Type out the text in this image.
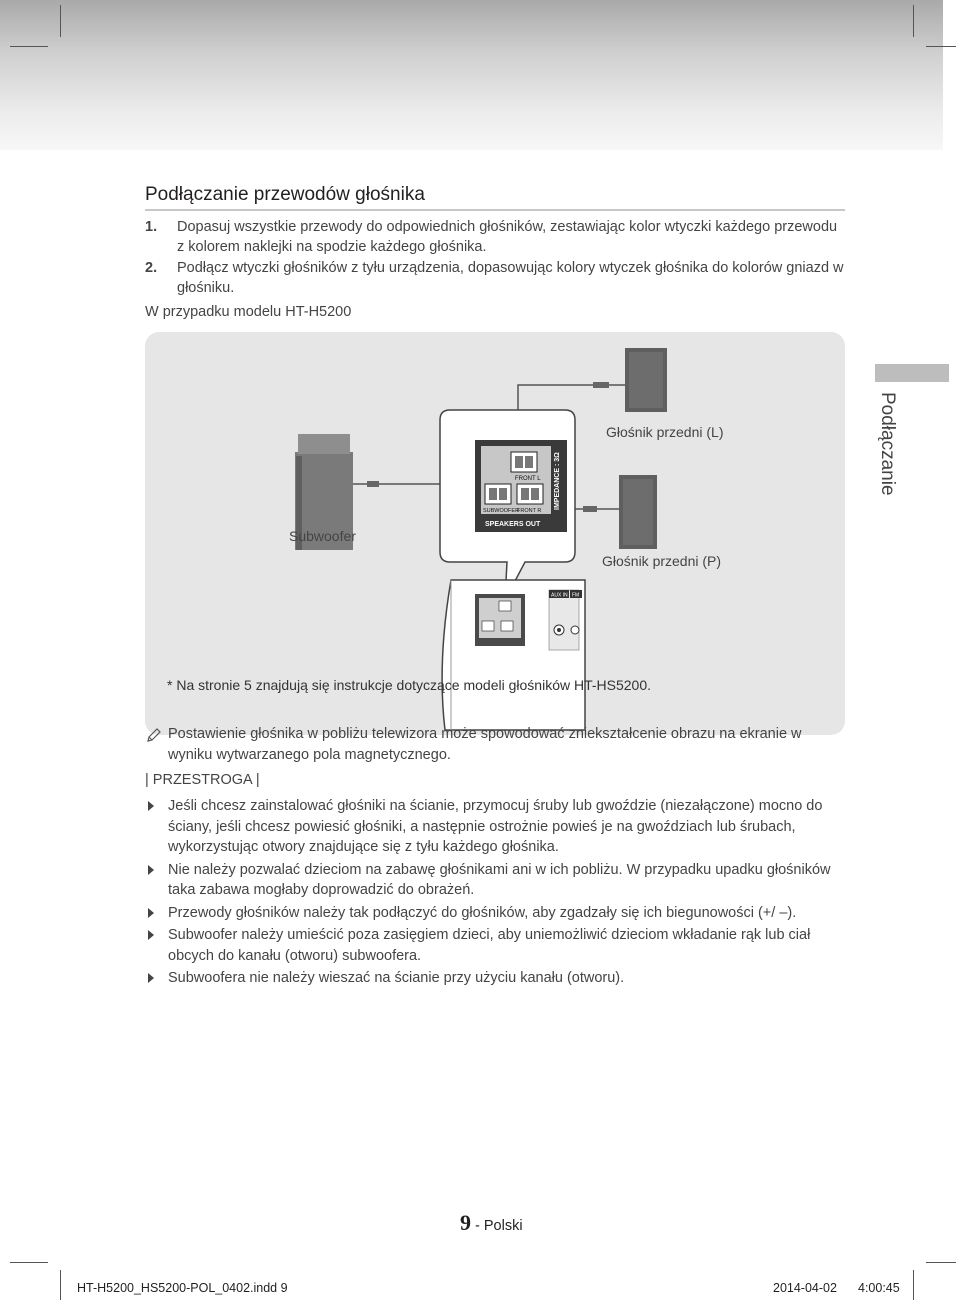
Podłączanie przewodów głośnika
1.	Dopasuj wszystkie przewody do odpowiednich głośników, zestawiając kolor wtyczki każdego przewodu z kolorem naklejki na spodzie każdego głośnika.
2.	Podłącz wtyczki głośników z tyłu urządzenia, dopasowując kolory wtyczek głośnika do kolorów gniazd w głośniku.
W przypadku modelu HT-H5200
FRONT L
SUBWOOFER
FRONT R
SPEAKERS OUT
IMPEDANCE : 3Ω
AUX IN FM
Subwoofer
Głośnik przedni (L)
Głośnik przedni (P)
* Na stronie 5 znajdują się instrukcje dotyczące modeli głośników HT-HS5200.
Podłączanie
Postawienie głośnika w pobliżu telewizora może spowodować zniekształcenie obrazu na ekranie w wyniku wytwarzanego pola magnetycznego.
| PRZESTROGA |
Jeśli chcesz zainstalować głośniki na ścianie, przymocuj śruby lub gwoździe (niezałączone) mocno do ściany, jeśli chcesz powiesić głośniki, a następnie ostrożnie powieś je na gwoździach lub śrubach, wykorzystując otwory znajdujące się z tyłu każdego głośnika.
Nie należy pozwalać dzieciom na zabawę głośnikami ani w ich pobliżu. W przypadku upadku głośników taka zabawa mogłaby doprowadzić do obrażeń.
Przewody głośników należy tak podłączyć do głośników, aby zgadzały się ich biegunowości (+/ –).
Subwoofer należy umieścić poza zasięgiem dzieci, aby uniemożliwić dzieciom wkładanie rąk lub ciał obcych do kanału (otworu) subwoofera.
Subwoofera nie należy wieszać na ścianie przy użyciu kanału (otworu).
9 - Polski
HT-H5200_HS5200-POL_0402.indd 9	2014-04-02 4:00:45
